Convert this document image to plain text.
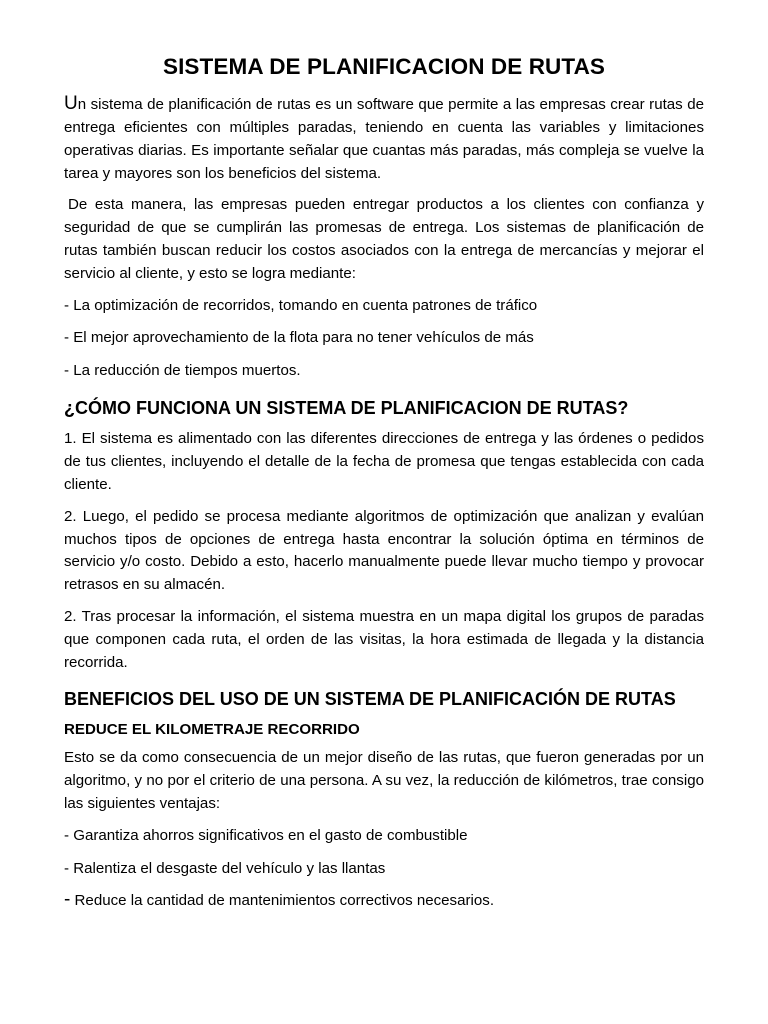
SISTEMA DE PLANIFICACION DE RUTAS

Un sistema de planificación de rutas es un software que permite a las empresas crear rutas de entrega eficientes con múltiples paradas, teniendo en cuenta las variables y limitaciones operativas diarias. Es importante señalar que cuantas más paradas, más compleja se vuelve la tarea y mayores son los beneficios del sistema.

De esta manera, las empresas pueden entregar productos a los clientes con confianza y seguridad de que se cumplirán las promesas de entrega. Los sistemas de planificación de rutas también buscan reducir los costos asociados con la entrega de mercancías y mejorar el servicio al cliente, y esto se logra mediante:

- La optimización de recorridos, tomando en cuenta patrones de tráfico

- El mejor aprovechamiento de la flota para no tener vehículos de más

- La reducción de tiempos muertos.

¿CÓMO FUNCIONA UN SISTEMA DE PLANIFICACION DE RUTAS?

1. El sistema es alimentado con las diferentes direcciones de entrega y las órdenes o pedidos de tus clientes, incluyendo el detalle de la fecha de promesa que tengas establecida con cada cliente.

2. Luego, el pedido se procesa mediante algoritmos de optimización que analizan y evalúan muchos tipos de opciones de entrega hasta encontrar la solución óptima en términos de servicio y/o costo. Debido a esto, hacerlo manualmente puede llevar mucho tiempo y provocar retrasos en su almacén.

2. Tras procesar la información, el sistema muestra en un mapa digital los grupos de paradas que componen cada ruta, el orden de las visitas, la hora estimada de llegada y la distancia recorrida.

BENEFICIOS DEL USO DE UN SISTEMA DE PLANIFICACIÓN DE RUTAS
REDUCE EL KILOMETRAJE RECORRIDO

Esto se da como consecuencia de un mejor diseño de las rutas, que fueron generadas por un algoritmo, y no por el criterio de una persona. A su vez, la reducción de kilómetros, trae consigo las siguientes ventajas:

- Garantiza ahorros significativos en el gasto de combustible

- Ralentiza el desgaste del vehículo y las llantas

- Reduce la cantidad de mantenimientos correctivos necesarios.
